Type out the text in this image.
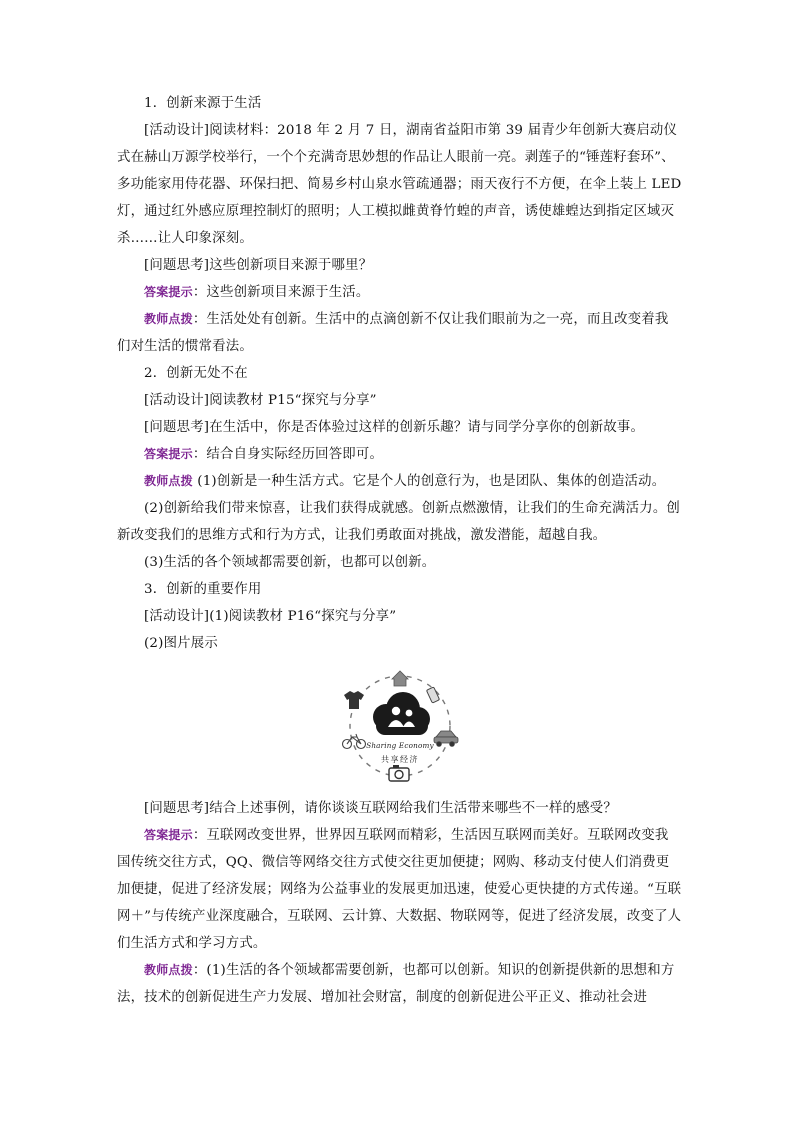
1．创新来源于生活

[活动设计]阅读材料：2018 年 2 月 7 日，湖南省益阳市第 39 届青少年创新大赛启动仪式在赫山万源学校举行，一个个充满奇思妙想的作品让人眼前一亮。剥莲子的“锤莲籽套环”、多功能家用侍花器、环保扫把、简易乡村山泉水管疏通器；雨天夜行不方便，在伞上装上 LED 灯，通过红外感应原理控制灯的照明；人工模拟雌黄脊竹蝗的声音，诱使雄蝗达到指定区域灭杀……让人印象深刻。

[问题思考]这些创新项目来源于哪里？

答案提示：这些创新项目来源于生活。

教师点拨：生活处处有创新。生活中的点滴创新不仅让我们眼前为之一亮，而且改变着我们对生活的惯常看法。

2．创新无处不在

[活动设计]阅读教材 P15“探究与分享”

[问题思考]在生活中，你是否体验过这样的创新乐趣？请与同学分享你的创新故事。

答案提示：结合自身实际经历回答即可。

教师点拨 (1)创新是一种生活方式。它是个人的创意行为，也是团队、集体的创造活动。

(2)创新给我们带来惊喜，让我们获得成就感。创新点燃激情，让我们的生命充满活力。创新改变我们的思维方式和行为方式，让我们勇敢面对挑战，激发潜能，超越自我。

(3)生活的各个领域都需要创新，也都可以创新。

3．创新的重要作用

[活动设计](1)阅读教材 P16“探究与分享”

(2)图片展示

Sharing Economy
共享经济

[问题思考]结合上述事例，请你谈谈互联网给我们生活带来哪些不一样的感受？

答案提示：互联网改变世界，世界因互联网而精彩，生活因互联网而美好。互联网改变我国传统交往方式，QQ、微信等网络交往方式使交往更加便捷；网购、移动支付使人们消费更加便捷，促进了经济发展；网络为公益事业的发展更加迅速，使爱心更快捷的方式传递。“互联网＋”与传统产业深度融合，互联网、云计算、大数据、物联网等，促进了经济发展，改变了人们生活方式和学习方式。

教师点拨：(1)生活的各个领域都需要创新，也都可以创新。知识的创新提供新的思想和方法，技术的创新促进生产力发展、增加社会财富，制度的创新促进公平正义、推动社会进
